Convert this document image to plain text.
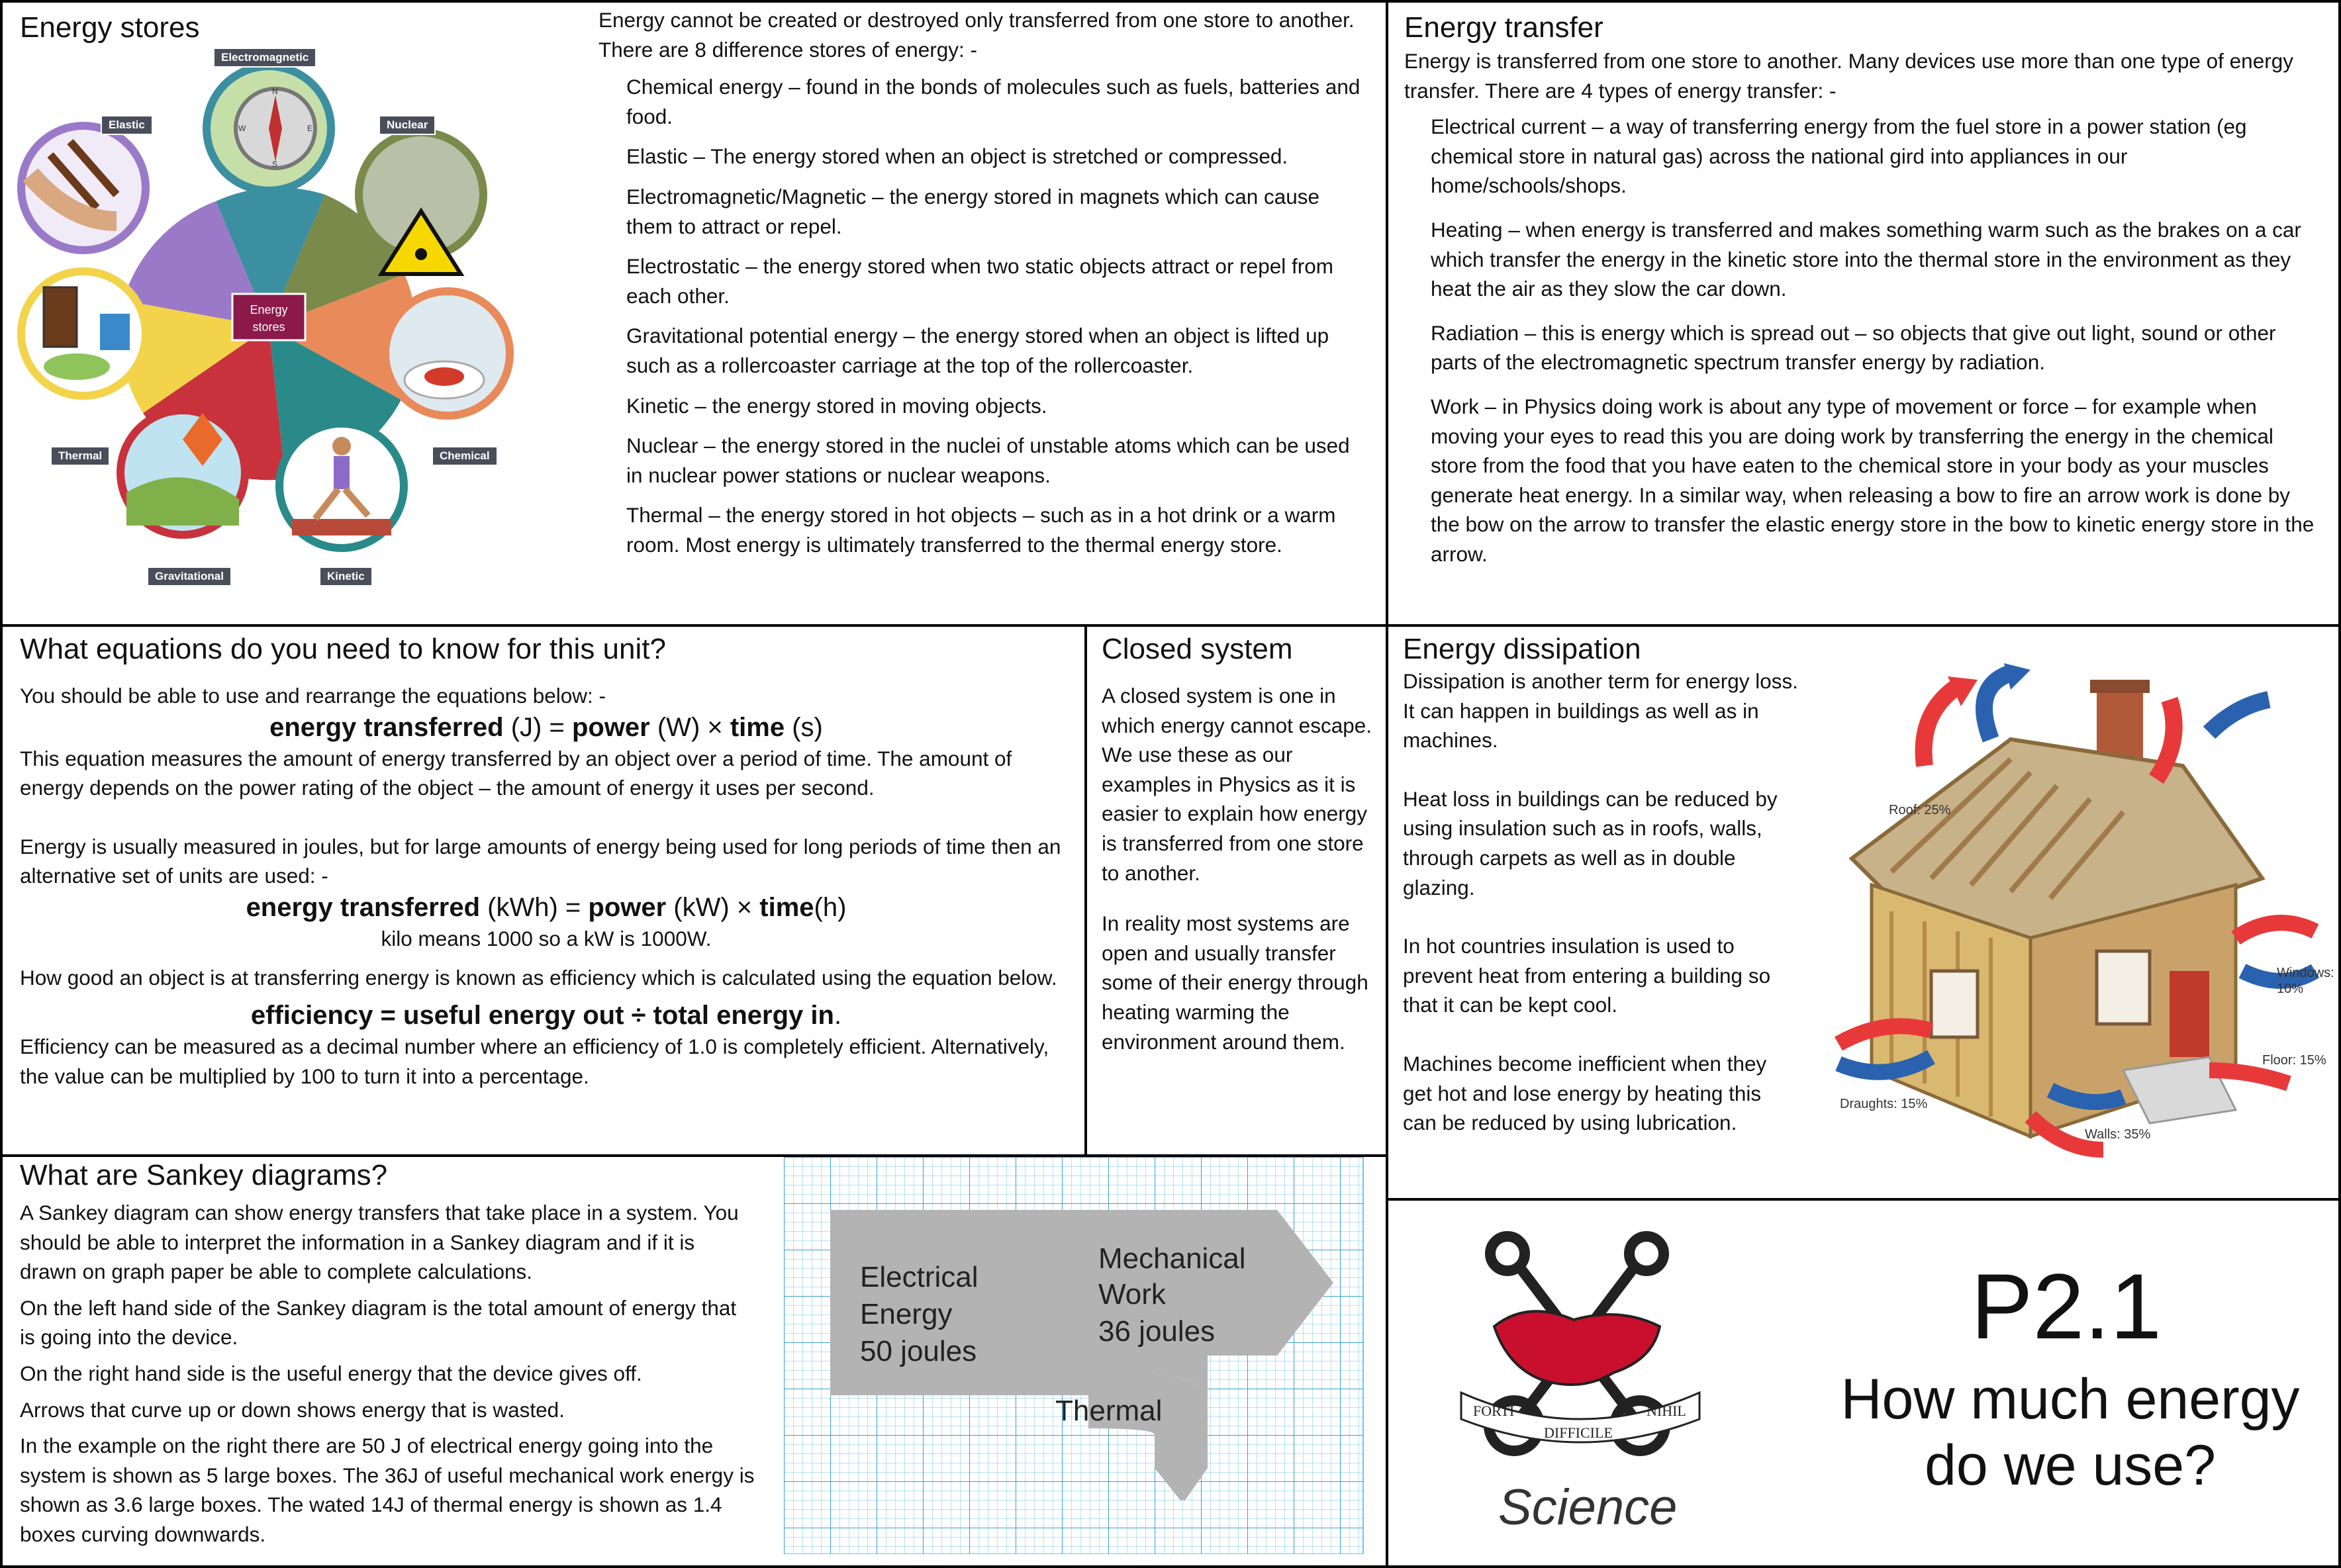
Energy stores
N
W	E
S
Energy
stores
Electromagnetic
Elastic	Nuclear
Thermal	Chemical
Gravitational	Kinetic

Energy cannot be created or destroyed only transferred from one store to another.

There are 8 difference stores of energy: -

Chemical energy – found in the bonds of molecules such as fuels, batteries and food.

Elastic – The energy stored when an object is stretched or compressed.

Electromagnetic/Magnetic – the energy stored in magnets which can cause them to attract or repel.

Electrostatic – the energy stored when two static objects attract or repel from each other.

Gravitational potential energy – the energy stored when an object is lifted up such as a rollercoaster carriage at the top of the rollercoaster.

Kinetic – the energy stored in moving objects.

Nuclear – the energy stored in the nuclei of unstable atoms which can be used in nuclear power stations or nuclear weapons.

Thermal – the energy stored in hot objects – such as in a hot drink or a warm room. Most energy is ultimately transferred to the thermal energy store.

Energy transfer

Energy is transferred from one store to another. Many devices use more than one type of energy transfer. There are 4 types of energy transfer: -

Electrical current – a way of transferring energy from the fuel store in a power station (eg chemical store in natural gas) across the national gird into appliances in our home/schools/shops.

Heating – when energy is transferred and makes something warm such as the brakes on a car which transfer the energy in the kinetic store into the thermal store in the environment as they heat the air as they slow the car down.

Radiation – this is energy which is spread out – so objects that give out light, sound or other parts of the electromagnetic spectrum transfer energy by radiation.

Work – in Physics doing work is about any type of movement or force – for example when moving your eyes to read this you are doing work by transferring the energy in the chemical store from the food that you have eaten to the chemical store in your body as your muscles generate heat energy. In a similar way, when releasing a bow to fire an arrow work is done by the bow on the arrow to transfer the elastic energy store in the bow to kinetic energy store in the arrow.

What equations do you need to know for this unit?

You should be able to use and rearrange the equations below: -

energy transferred (J) = power (W) × time (s)

This equation measures the amount of energy transferred by an object over a period of time. The amount of energy depends on the power rating of the object – the amount of energy it uses per second.

Energy is usually measured in joules, but for large amounts of energy being used for long periods of time then an alternative set of units are used: -

energy transferred (kWh) = power (kW) × time(h)

kilo means 1000 so a kW is 1000W.

How good an object is at transferring energy is known as efficiency which is calculated using the equation below.

efficiency = useful energy out ÷ total energy in.

Efficiency can be measured as a decimal number where an efficiency of 1.0 is completely efficient. Alternatively, the value can be multiplied by 100 to turn it into a percentage.

Closed system

A closed system is one in which energy cannot escape. We use these as our examples in Physics as it is easier to explain how energy is transferred from one store to another.

In reality most systems are open and usually transfer some of their energy through heating warming the environment around them.

Energy dissipation

Dissipation is another term for energy loss. It can happen in buildings as well as in machines.

Heat loss in buildings can be reduced by using insulation such as in roofs, walls, through carpets as well as in double glazing.

In hot countries insulation is used to prevent heat from entering a building so that it can be kept cool.

Machines become inefficient when they get hot and lose energy by heating this can be reduced by using lubrication.

Roof: 25%
Windows:
10%
Floor: 15%
Draughts: 15%
Walls: 35%
What are Sankey diagrams?

A Sankey diagram can show energy transfers that take place in a system. You should be able to interpret the information in a Sankey diagram and if it is drawn on graph paper be able to complete calculations.

On the left hand side of the Sankey diagram is the total amount of energy that is going into the device.

On the right hand side is the useful energy that the device gives off.

Arrows that curve up or down shows energy that is wasted.

In the example on the right there are 50 J of electrical energy going into the system is shown as 5 large boxes. The 36J of useful mechanical work energy is shown as 3.6 large boxes. The wated 14J of thermal energy is shown as 1.4 boxes curving downwards.

Electrical
Energy
50 joules
Mechanical
Work
36 joules
Thermal	FORTI
DIFFICILE
NIHIL
Science
P2.1
How much energy
do we use?
